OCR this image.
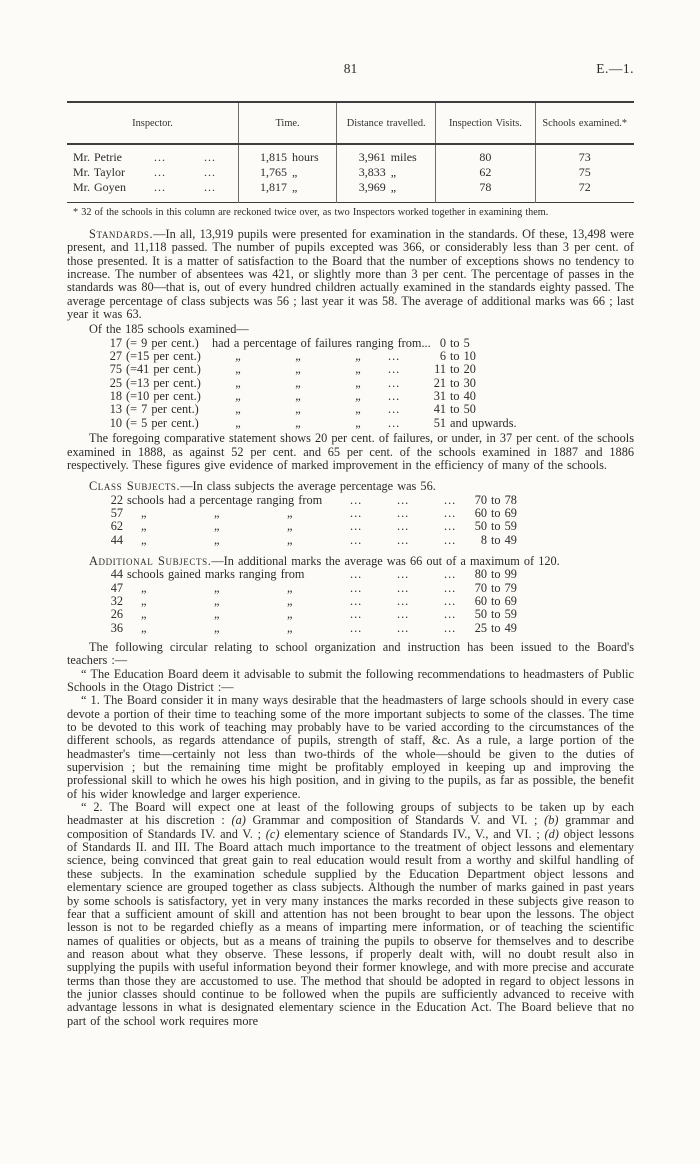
81	E.—1.
Inspector.	Time.	Distance travelled.	Inspection Visits.	Schools examined.*

Mr. Petrie ... ...	1,815 hours	3,961 miles	80	73

Mr. Taylor ... ...	1,765 „	3,833 „	62	75

Mr. Goyen ... ...	1,817 „	3,969 „	78	72

* 32 of the schools in this column are reckoned twice over, as two Inspectors worked together in examining them.

Standards.—In all, 13,919 pupils were presented for examination in the standards. Of these, 13,498 were present, and 11,118 passed. The number of pupils excepted was 366, or considerably less than 3 per cent. of those presented. It is a matter of satisfaction to the Board that the number of exceptions shows no tendency to increase. The number of absentees was 421, or slightly more than 3 per cent. The percentage of passes in the standards was 80—that is, out of every hundred children actually examined in the standards eighty passed. The average percentage of class subjects was 56 ; last year it was 58. The average of additional marks was 66 ; last year it was 63.

Of the 185 schools examined—

17 (= 9 per cent.) had a percentage of failures ranging from... 0 to 5
27 (=15 per cent.)	„	„	„	...	6 to 10
75 (=41 per cent.)	„	„	„	...	11 to 20
25 (=13 per cent.)	„	„	„	...	21 to 30
18 (=10 per cent.)	„	„	„	...	31 to 40
13 (= 7 per cent.)	„	„	„	...	41 to 50
10 (= 5 per cent.)	„	„	„	...	51 and upwards.

The foregoing comparative statement shows 20 per cent. of failures, or under, in 37 per cent. of the schools examined in 1888, as against 52 per cent. and 65 per cent. of the schools examined in 1887 and 1886 respectively. These figures give evidence of marked improvement in the efficiency of many of the schools.

Class Subjects.—In class subjects the average percentage was 56.

22 schools had a percentage ranging from ...	...	...	70 to 78
57 „	„	„	...	...	...	60 to 69
62 „	„	„	...	...	...	50 to 59
44 „	„	„	...	...	...	8 to 49

Additional Subjects.—In additional marks the average was 66 out of a maximum of 120.

44 schools gained marks ranging from	...	...	...	80 to 99
47 „	„	„	...	...	...	70 to 79
32 „	„	„	...	...	...	60 to 69
26 „	„	„	...	...	...	50 to 59
36 „	„	„	...	...	...	25 to 49

The following circular relating to school organization and instruction has been issued to the Board's teachers :—

“ The Education Board deem it advisable to submit the following recommendations to headmasters of Public Schools in the Otago District :—

“ 1. The Board consider it in many ways desirable that the headmasters of large schools should in every case devote a portion of their time to teaching some of the more important subjects to some of the classes. The time to be devoted to this work of teaching may probably have to be varied according to the circumstances of the different schools, as regards attendance of pupils, strength of staff, &c. As a rule, a large portion of the headmaster's time—certainly not less than two-thirds of the whole—should be given to the duties of supervision ; but the remaining time might be profitably employed in keeping up and improving the professional skill to which he owes his high position, and in giving to the pupils, as far as possible, the benefit of his wider knowledge and larger experience.

“ 2. The Board will expect one at least of the following groups of subjects to be taken up by each headmaster at his discretion : (a) Grammar and composition of Standards V. and VI. ; (b) grammar and composition of Standards IV. and V. ; (c) elementary science of Standards IV., V., and VI. ; (d) object lessons of Standards II. and III. The Board attach much importance to the treatment of object lessons and elementary science, being convinced that great gain to real education would result from a worthy and skilful handling of these subjects. In the examination schedule supplied by the Education Department object lessons and elementary science are grouped together as class subjects. Although the number of marks gained in past years by some schools is satisfactory, yet in very many instances the marks recorded in these subjects give reason to fear that a sufficient amount of skill and attention has not been brought to bear upon the lessons. The object lesson is not to be regarded chiefly as a means of imparting mere information, or of teaching the scientific names of qualities or objects, but as a means of training the pupils to observe for themselves and to describe and reason about what they observe. These lessons, if properly dealt with, will no doubt result also in supplying the pupils with useful information beyond their former knowlege, and with more precise and accurate terms than those they are accustomed to use. The method that should be adopted in regard to object lessons in the junior classes should continue to be followed when the pupils are sufficiently advanced to receive with advantage lessons in what is designated elementary science in the Education Act. The Board believe that no part of the school work requires more
